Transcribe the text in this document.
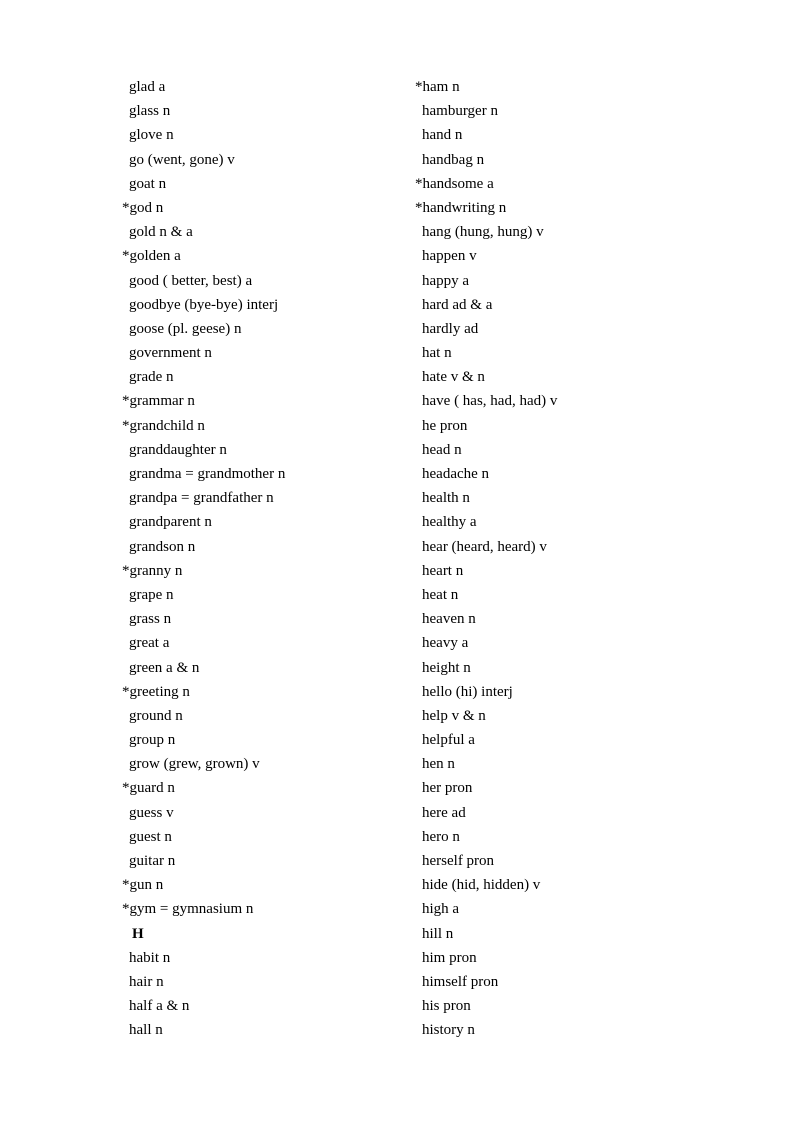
glad a
glass n
glove n
go (went, gone) v
goat n
*god n
gold n & a
*golden a
good ( better, best) a
goodbye (bye-bye) interj
goose (pl. geese) n
government n
grade n
*grammar n
*grandchild n
granddaughter n
grandma = grandmother n
grandpa = grandfather n
grandparent n
grandson n
*granny n
grape n
grass n
great a
green a & n
*greeting n
ground n
group n
grow (grew, grown) v
*guard n
guess v
guest n
guitar n
*gun n
*gym = gymnasium n
H
habit n
hair n
half a & n
hall n
*ham n
hamburger n
hand n
handbag n
*handsome a
*handwriting n
hang (hung, hung) v
happen v
happy a
hard ad & a
hardly ad
hat n
hate v & n
have ( has, had, had) v
he pron
head n
headache n
health n
healthy a
hear (heard, heard) v
heart n
heat n
heaven n
heavy a
height n
hello (hi) interj
help v & n
helpful a
hen n
her pron
here ad
hero n
herself pron
hide (hid, hidden) v
high a
hill n
him pron
himself pron
his pron
history n
